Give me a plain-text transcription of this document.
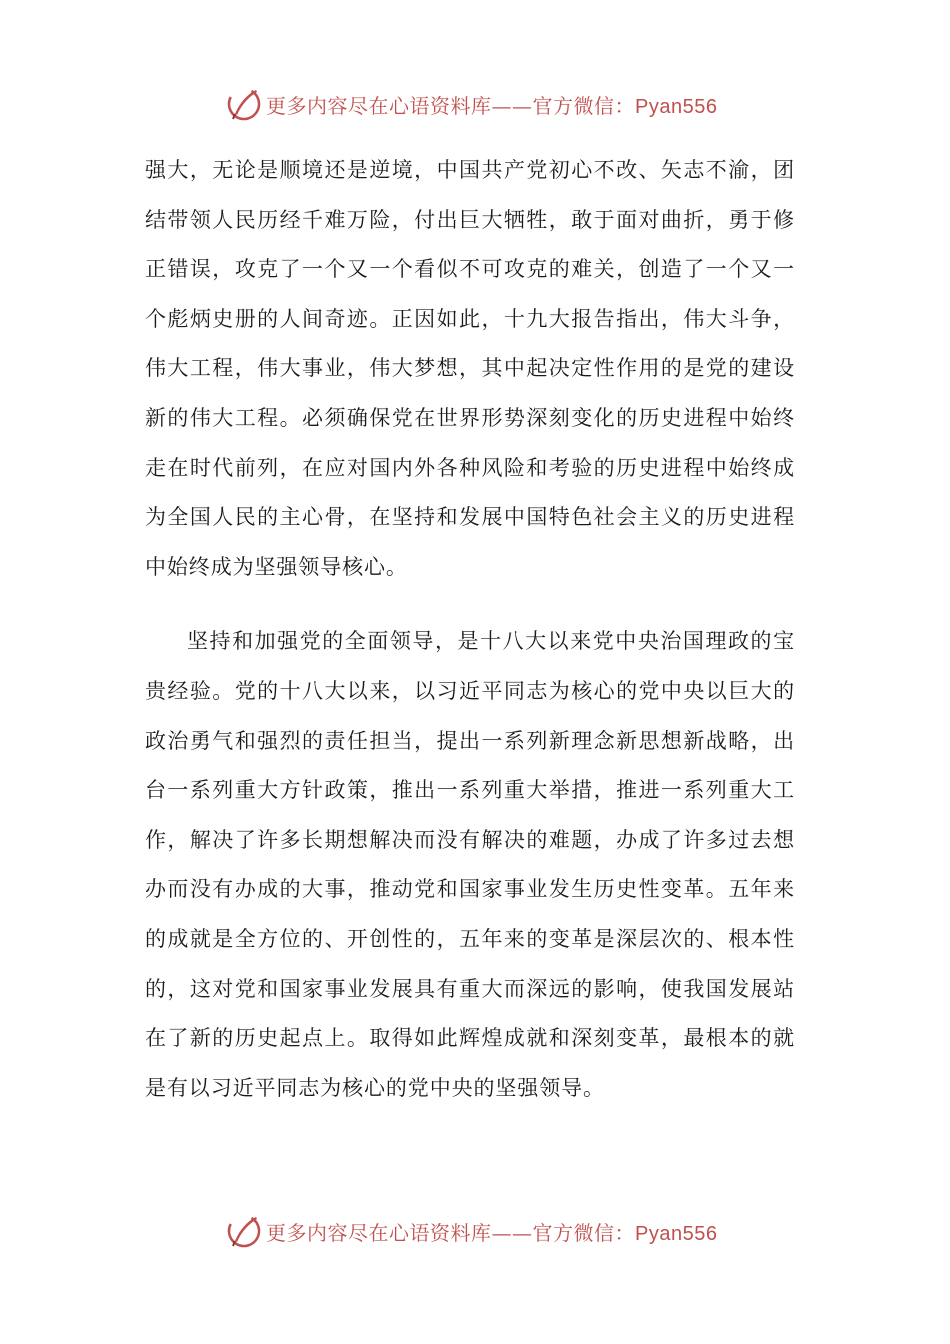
更多内容尽在心语资料库——官方微信：Pyan556

强大，无论是顺境还是逆境，中国共产党初心不改、矢志不渝，团结带领人民历经千难万险，付出巨大牺牲，敢于面对曲折，勇于修正错误，攻克了一个又一个看似不可攻克的难关，创造了一个又一个彪炳史册的人间奇迹。正因如此，十九大报告指出，伟大斗争，伟大工程，伟大事业，伟大梦想，其中起决定性作用的是党的建设新的伟大工程。必须确保党在世界形势深刻变化的历史进程中始终走在时代前列，在应对国内外各种风险和考验的历史进程中始终成为全国人民的主心骨，在坚持和发展中国特色社会主义的历史进程中始终成为坚强领导核心。

坚持和加强党的全面领导，是十八大以来党中央治国理政的宝贵经验。党的十八大以来，以习近平同志为核心的党中央以巨大的政治勇气和强烈的责任担当，提出一系列新理念新思想新战略，出台一系列重大方针政策，推出一系列重大举措，推进一系列重大工作，解决了许多长期想解决而没有解决的难题，办成了许多过去想办而没有办成的大事，推动党和国家事业发生历史性变革。五年来的成就是全方位的、开创性的，五年来的变革是深层次的、根本性的，这对党和国家事业发展具有重大而深远的影响，使我国发展站在了新的历史起点上。取得如此辉煌成就和深刻变革，最根本的就是有以习近平同志为核心的党中央的坚强领导。

更多内容尽在心语资料库——官方微信：Pyan556
